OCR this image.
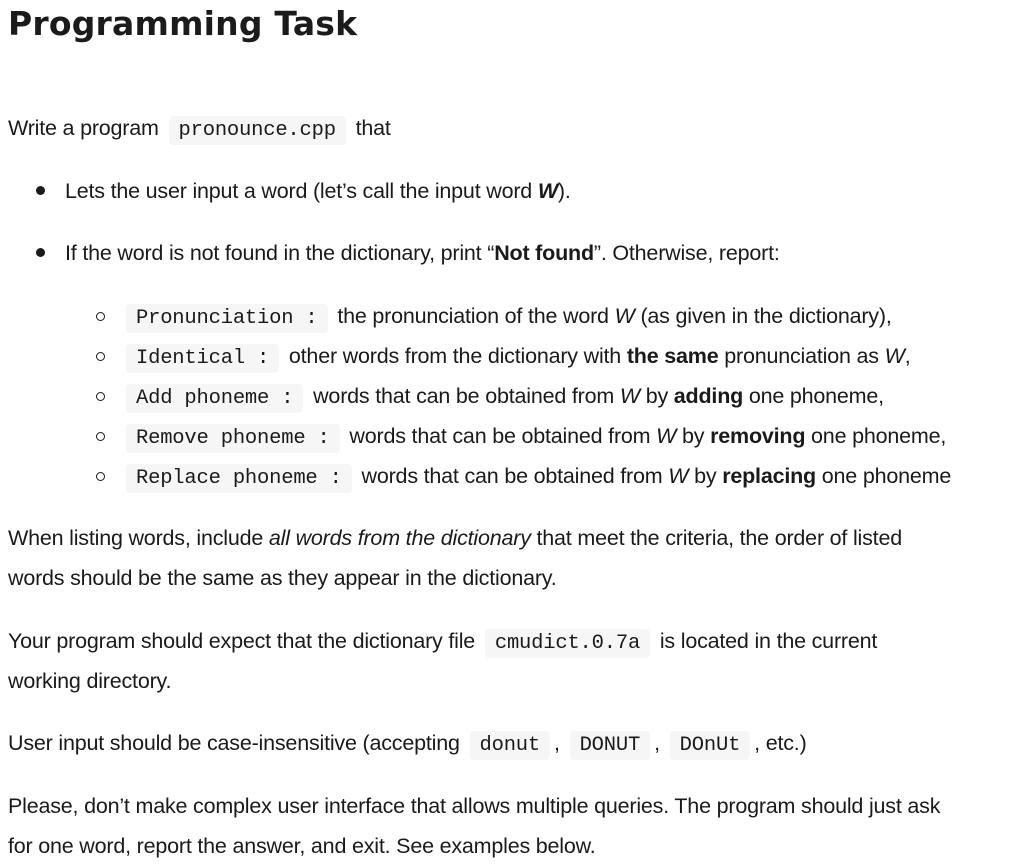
Programming Task
Write a program pronounce.cpp that
Lets the user input a word (let’s call the input word W).
If the word is not found in the dictionary, print “Not found”. Otherwise, report:
Pronunciation : the pronunciation of the word W (as given in the dictionary),
Identical : other words from the dictionary with the same pronunciation as W,
Add phoneme : words that can be obtained from W by adding one phoneme,
Remove phoneme : words that can be obtained from W by removing one phoneme,
Replace phoneme : words that can be obtained from W by replacing one phoneme
When listing words, include all words from the dictionary that meet the criteria, the order of listed
words should be the same as they appear in the dictionary.
Your program should expect that the dictionary file cmudict.0.7a is located in the current
working directory.
User input should be case-insensitive (accepting donut , DONUT , DOnUt , etc.)
Please, don’t make complex user interface that allows multiple queries. The program should just ask
for one word, report the answer, and exit. See examples below.
